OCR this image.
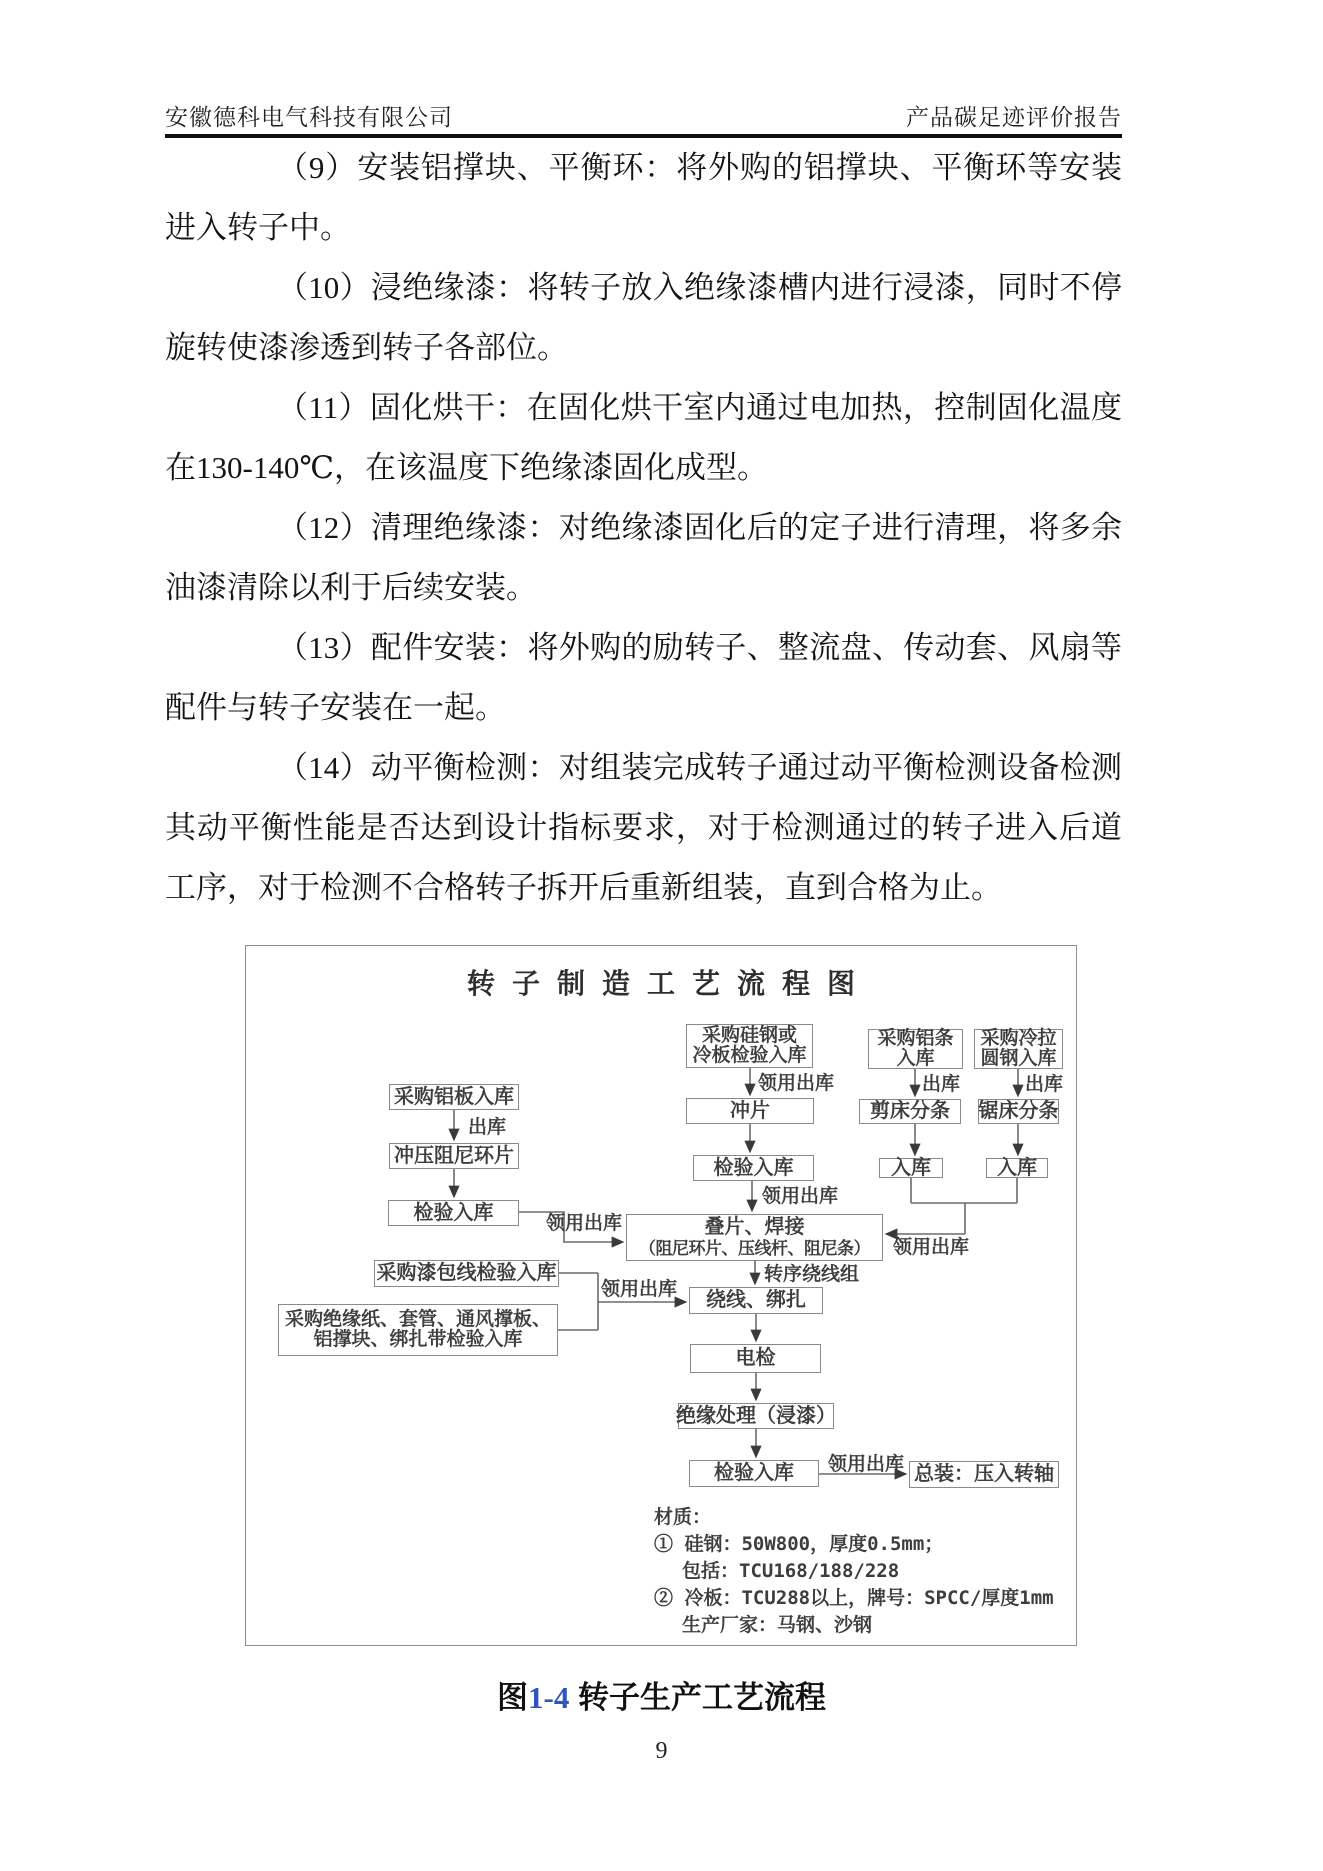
安徽德科电气科技有限公司	产品碳足迹评价报告

（9）安装铝撑块、平衡环：将外购的铝撑块、平衡环等安装进入转子中。

（10）浸绝缘漆：将转子放入绝缘漆槽内进行浸漆，同时不停旋转使漆渗透到转子各部位。

（11）固化烘干：在固化烘干室内通过电加热，控制固化温度在130-140℃，在该温度下绝缘漆固化成型。

（12）清理绝缘漆：对绝缘漆固化后的定子进行清理，将多余油漆清除以利于后续安装。

（13）配件安装：将外购的励转子、整流盘、传动套、风扇等配件与转子安装在一起。

（14）动平衡检测：对组装完成转子通过动平衡检测设备检测其动平衡性能是否达到设计指标要求，对于检测通过的转子进入后道工序，对于检测不合格转子拆开后重新组装，直到合格为止。

转子制造工艺流程图
采购铝板入库
出库
冲压阻尼环片
检验入库	领用出库
采购漆包线检验入库
采购绝缘纸、套管、通风撑板、
铝撑块、绑扎带检验入库
领用出库
采购硅钢或
冷板检验入库
领用出库
冲片
检验入库
领用出库
叠片、焊接
（阻尼环片、压线杆、阻尼条） 领用出库
转序绕线组
绕线、绑扎
电检
绝缘处理（浸漆）
检验入库 领用出库 总装：压入转轴
采购铝条
入库
出库
剪床分条
入库
采购冷拉
圆钢入库
出库
锯床分条
入库
材质：
① 硅钢：50W800，厚度0.5mm；
包括：TCU168/188/228
② 冷板：TCU288以上，牌号：SPCC/厚度1mm
生产厂家：马钢、沙钢
图1-4 转子生产工艺流程
9
